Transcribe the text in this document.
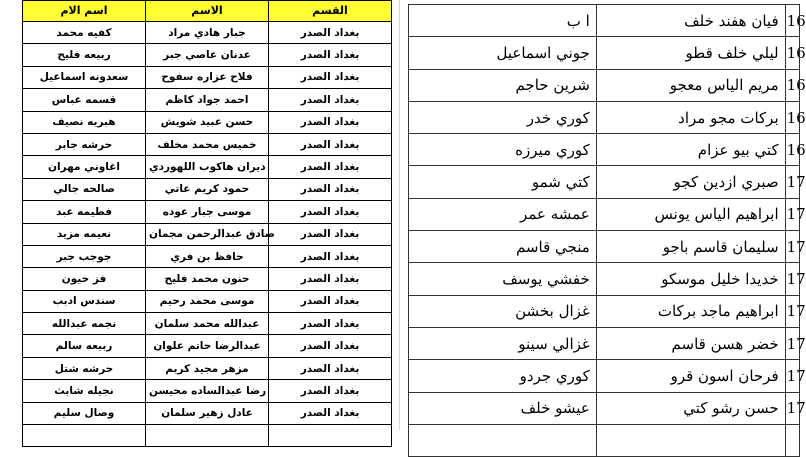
اسم الام	الاسم	القسم
كفيه محمد	جبار هادي مراد	بغداد الصدر
ربيعه فليح	عدنان عاصي جبر	بغداد الصدر
سعدونه اسماعيل	فلاح عزاره سفوح	بغداد الصدر
قسمه عباس	احمد جواد كاظم	بغداد الصدر
هبريه نصيف	حسن عبيد شويش	بغداد الصدر
حرشه جابر	خميس محمد مخلف	بغداد الصدر
اغاوني مهران	ديران هاكوب اللهوردي	بغداد الصدر
صالحه جالي	حمود كريم عاتي	بغداد الصدر
فطيمه عبد	موسى جبار عوده	بغداد الصدر
نعيمه مزيد	صادق عبدالرحمن مجمان	بغداد الصدر
جوجب جبر	حافظ بن فري	بغداد الصدر
فز خيون	حنون محمد فليح	بغداد الصدر
سندس ادبب	موسى محمد رحيم	بغداد الصدر
نجمه عبدالله	عبدالله محمد سلمان	بغداد الصدر
ربيعه سالم	عبدالرضا حاتم علوان	بغداد الصدر
حرشه شتل	مزهر مجيد كريم	بغداد الصدر
نجيله شابث	رضا عبدالساده محيسن	بغداد الصدر
وصال سليم	عادل زهير سلمان	بغداد الصدر

ا ب	فيان هفند خلف	16
جوني اسماعيل	ليلي خلف قطو	16
شرين حاجم	مريم الياس معجو	16
كوري خدر	بركات مجو مراد	16
كوري ميرزه	كتي بيو عزام	16
كتي شمو	صبري ازدين كجو	17
عمشه عمر	ابراهيم الياس يونس	17
منجي قاسم	سليمان قاسم باجو	17
خفشي يوسف	خديدا خليل موسكو	17
غزال بخشن	ابراهيم ماجد بركات	17
غزالي سينو	خضر هسن قاسم	17
كوري جردو	فرحان اسون قرو	17
عيشو خلف	حسن رشو كتي	17
